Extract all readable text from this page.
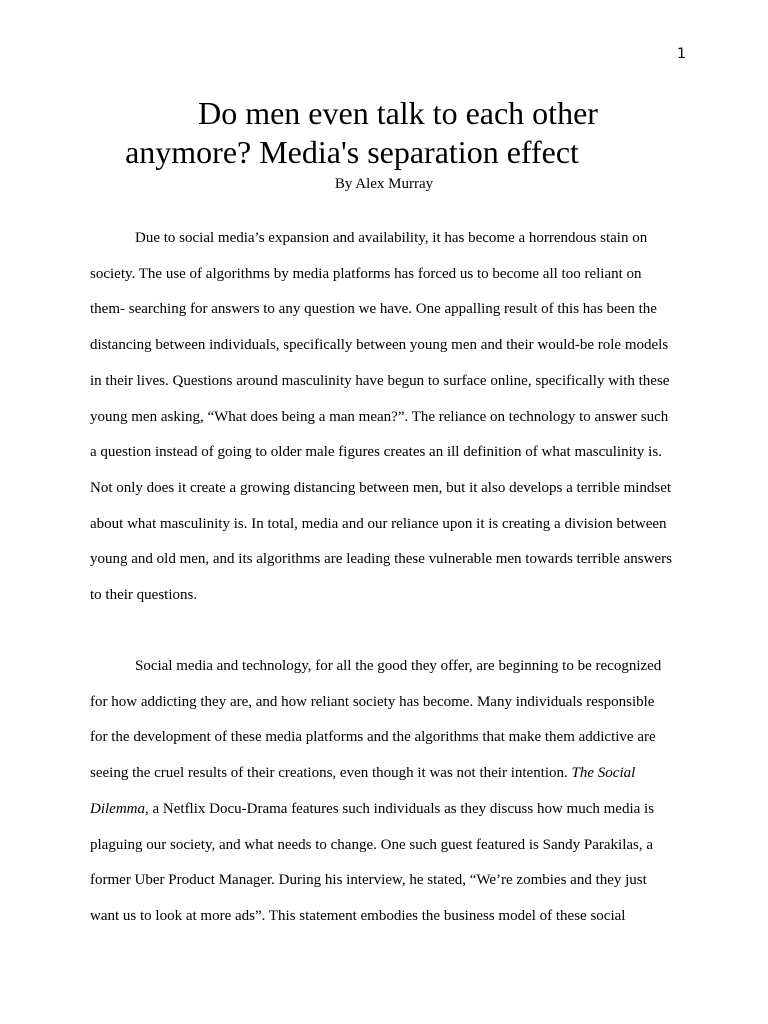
1
Do men even talk to each other
anymore? Media's separation effect
By Alex Murray

Due to social media’s expansion and availability, it has become a horrendous stain on
society. The use of algorithms by media platforms has forced us to become all too reliant on
them- searching for answers to any question we have. One appalling result of this has been the
distancing between individuals, specifically between young men and their would-be role models
in their lives. Questions around masculinity have begun to surface online, specifically with these
young men asking, “What does being a man mean?”. The reliance on technology to answer such
a question instead of going to older male figures creates an ill definition of what masculinity is.
Not only does it create a growing distancing between men, but it also develops a terrible mindset
about what masculinity is. In total, media and our reliance upon it is creating a division between
young and old men, and its algorithms are leading these vulnerable men towards terrible answers
to their questions.

Social media and technology, for all the good they offer, are beginning to be recognized
for how addicting they are, and how reliant society has become. Many individuals responsible
for the development of these media platforms and the algorithms that make them addictive are
seeing the cruel results of their creations, even though it was not their intention. The Social
Dilemma, a Netflix Docu-Drama features such individuals as they discuss how much media is
plaguing our society, and what needs to change. One such guest featured is Sandy Parakilas, a
former Uber Product Manager. During his interview, he stated, “We’re zombies and they just
want us to look at more ads”. This statement embodies the business model of these social
